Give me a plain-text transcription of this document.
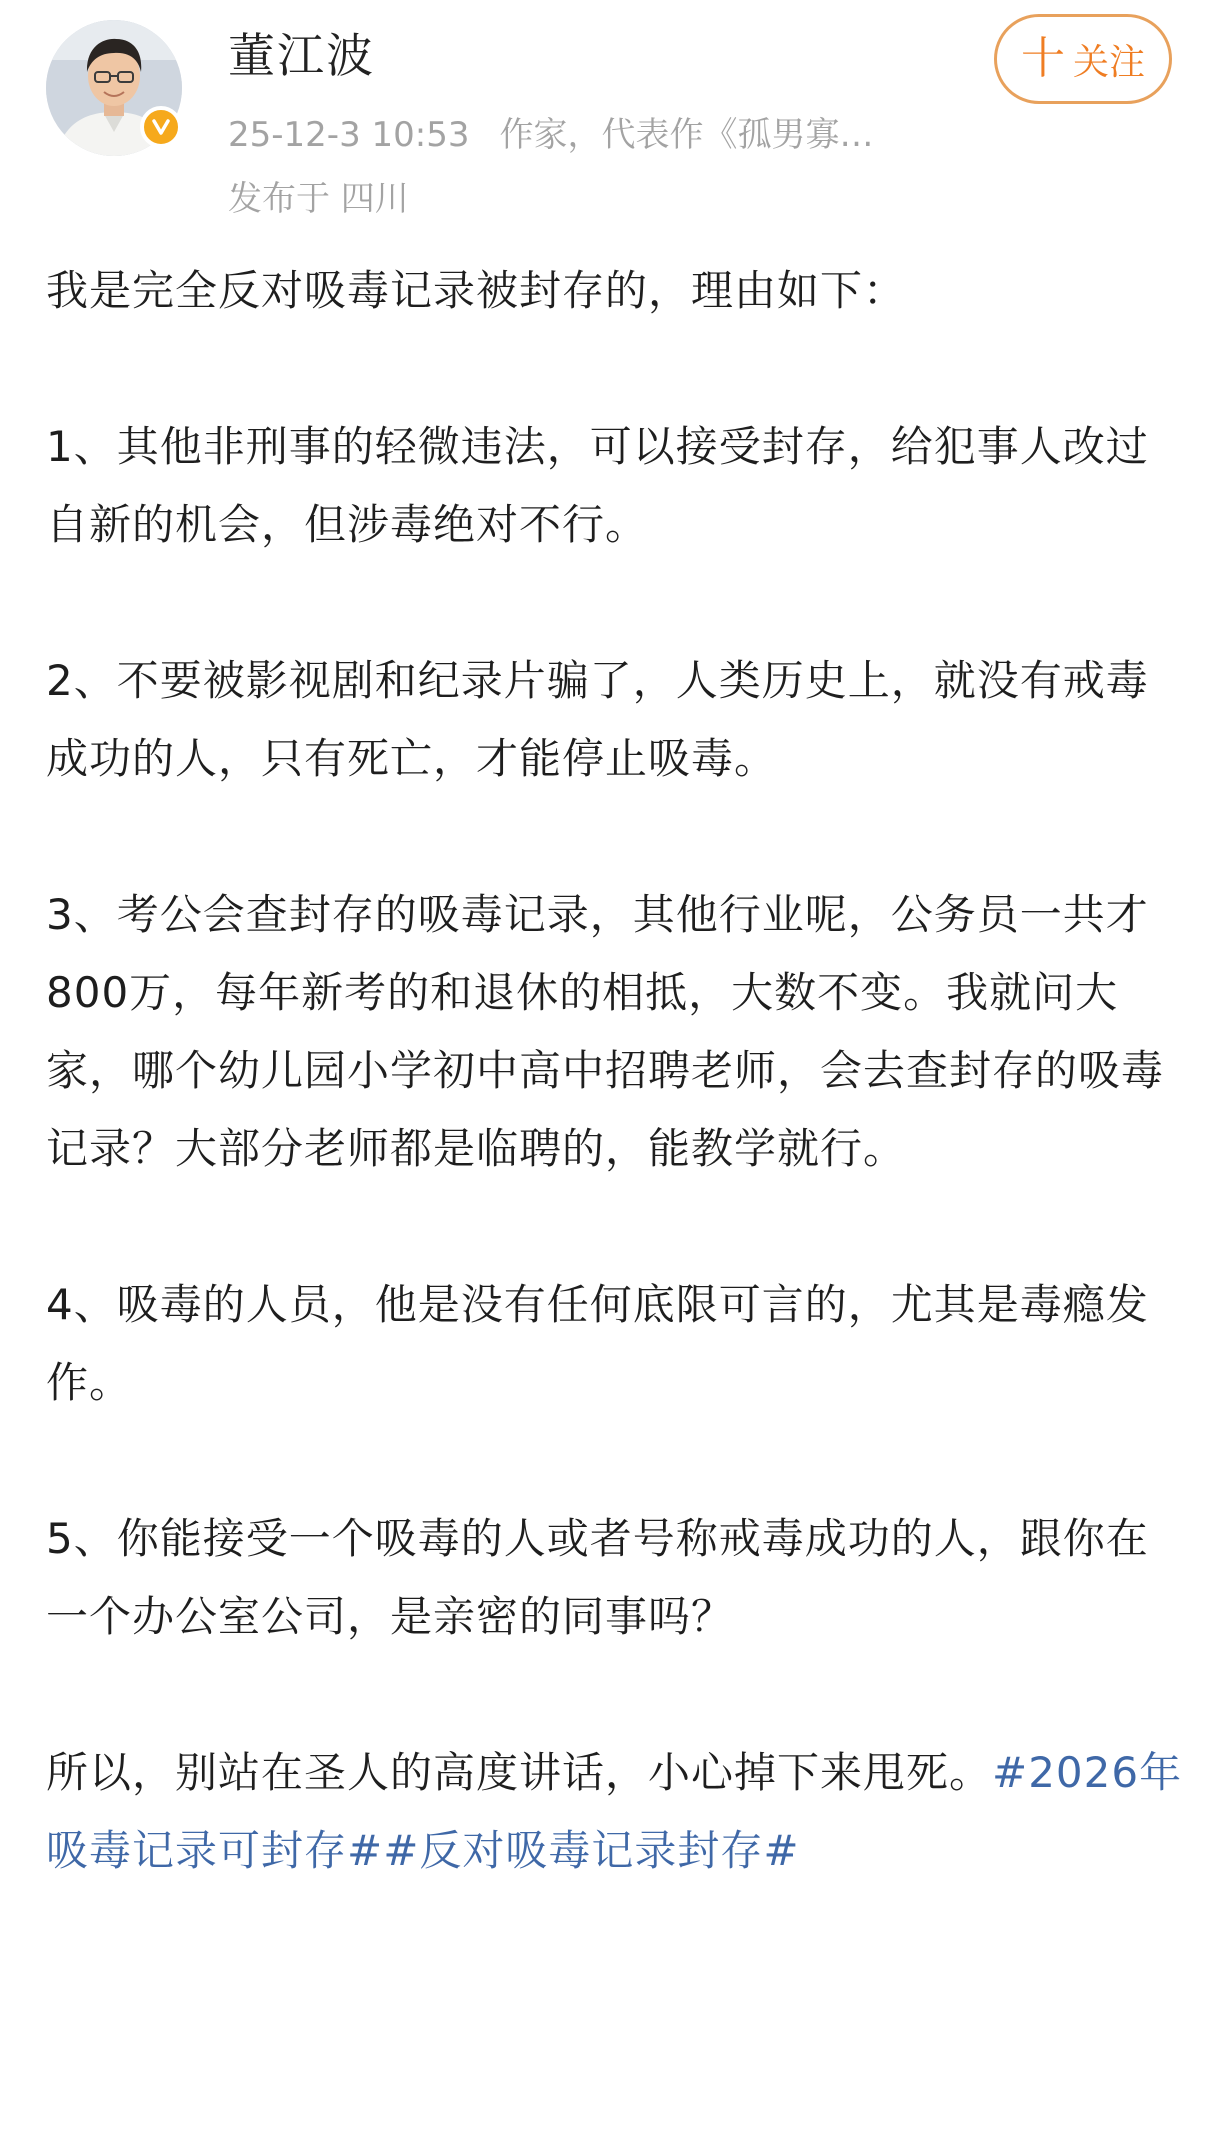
董江波
25-12-3 10:53 作家，代表作《孤男寡…
发布于 四川
十 关注

我是完全反对吸毒记录被封存的，理由如下：

1、其他非刑事的轻微违法，可以接受封存，给犯事人改过自新的机会，但涉毒绝对不行。

2、不要被影视剧和纪录片骗了，人类历史上，就没有戒毒成功的人，只有死亡，才能停止吸毒。

3、考公会查封存的吸毒记录，其他行业呢，公务员一共才800万，每年新考的和退休的相抵，大数不变。我就问大家，哪个幼儿园小学初中高中招聘老师，会去查封存的吸毒记录？大部分老师都是临聘的，能教学就行。

4、吸毒的人员，他是没有任何底限可言的，尤其是毒瘾发作。

5、你能接受一个吸毒的人或者号称戒毒成功的人，跟你在一个办公室公司，是亲密的同事吗？

所以，别站在圣人的高度讲话，小心掉下来甩死。#2026年吸毒记录可封存##反对吸毒记录封存#
